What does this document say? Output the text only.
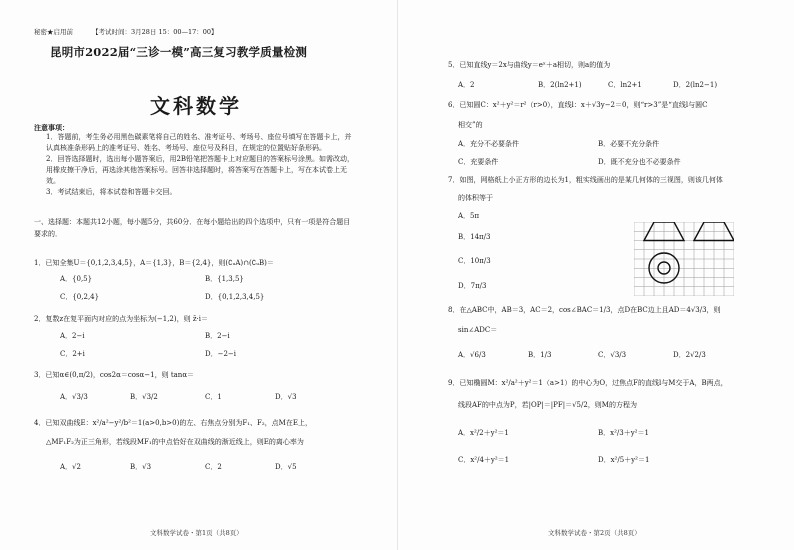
秘密★启用前	【考试时间：3月28日 15：00—17：00】
昆明市2022届“三诊一模”高三复习教学质量检测
文科数学
注意事项：

1．答题前，考生务必用黑色碳素笔将自己的姓名、准考证号、考场号、座位号填写在答题卡上，并认真核准条形码上的准考证号、姓名、考场号、座位号及科目，在规定的位置贴好条形码。

2．回答选择题时，选出每小题答案后，用2B铅笔把答题卡上对应题目的答案标号涂黑。如需改动，用橡皮擦干净后，再选涂其他答案标号。回答非选择题时，将答案写在答题卡上，写在本试卷上无效。

3．考试结束后，将本试卷和答题卡交回。

一、选择题：本题共12小题，每小题5分，共60分．在每小题给出的四个选项中，只有一项是符合题目要求的．
1．已知全集U＝{0,1,2,3,4,5}，A＝{1,3}，B＝{2,4}，则(∁ᵤA)∩(∁ᵤB)＝
A．{0,5}	B．{1,3,5}
C．{0,2,4}	D．{0,1,2,3,4,5}
2．复数z在复平面内对应的点为坐标为(−1,2)，则 z̄·i＝
A．2−i	B．2−i
C．2+i	D．−2−i
3．已知α∈(0,π/2)，cos2α＝cosα−1，则 tanα＝
A．√3/3	B．√3/2	C．1	D．√3
4．已知双曲线E：x²/a²−y²/b²＝1(a>0,b>0)的左、右焦点分别为F₁、F₂，点M在E上，
△MF₁F₂为正三角形，若线段MF₁的中点恰好在双曲线的渐近线上，则E的离心率为
A．√2	B．√3	C．2	D．√5
文科数学试卷・第1页（共8页）
5．已知直线y＝2x与曲线y＝eˣ＋a相切，则a的值为
A．2	B．2(ln2+1)	C．ln2+1	D．2(ln2−1)
6．已知圆C：x²＋y²＝r²（r>0），直线l：x＋√3y−2＝0，则“r>3”是“直线l与圆C
相交”的
A．充分不必要条件	B．必要不充分条件
C．充要条件	D．既不充分也不必要条件
7．如图，网格纸上小正方形的边长为1，粗实线画出的是某几何体的三视图，则该几何体
的体积等于
A．5π
B．14π/3
C．10π/3
D．7π/3
8．在△ABC中，AB＝3，AC＝2，cos∠BAC＝1/3，点D在BC边上且AD＝4√3/3，则
sin∠ADC＝
A．√6/3	B．1/3	C．√3/3	D．2√2/3
9．已知椭圆M：x²/a²＋y²＝1（a>1）的中心为O，过焦点F的直线l与M交于A，B两点，
线段AF的中点为P，若|OP|＝|PF|＝√5/2，则M的方程为
A．x²/2＋y²＝1	B．x²/3＋y²＝1
C．x²/4＋y²＝1	D．x²/5＋y²＝1
文科数学试卷・第2页（共8页）
